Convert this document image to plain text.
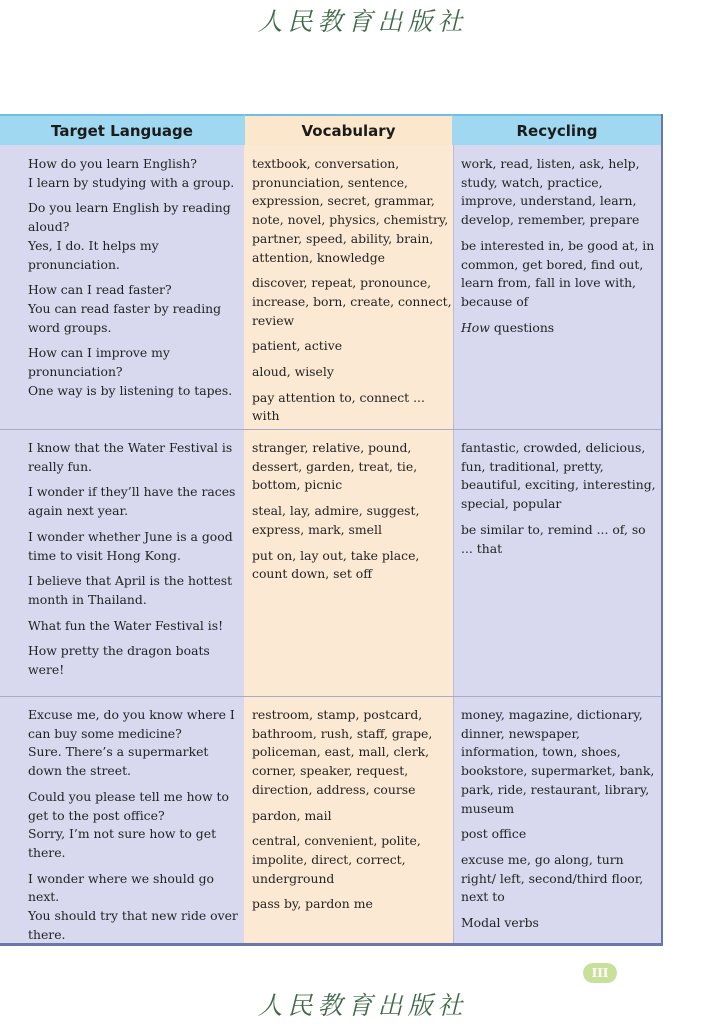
人民教育出版社
Target Language	Vocabulary	Recycling

How do you learn English?
I learn by studying with a group.

Do you learn English by reading aloud?
Yes, I do. It helps my pronunciation.

How can I read faster?
You can read faster by reading word groups.

How can I improve my pronunciation?
One way is by listening to tapes.

textbook, conversation, pronunciation, sentence, expression, secret, grammar, note, novel, physics, chemistry, partner, speed, ability, brain, attention, knowledge

discover, repeat, pronounce, increase, born, create, connect, review

patient, active

aloud, wisely

pay attention to, connect ... with

work, read, listen, ask, help, study, watch, practice, improve, understand, learn, develop, remember, prepare

be interested in, be good at, in common, get bored, find out, learn from, fall in love with, because of

How questions

I know that the Water Festival is really fun.

I wonder if they’ll have the races again next year.

I wonder whether June is a good time to visit Hong Kong.

I believe that April is the hottest month in Thailand.

What fun the Water Festival is!

How pretty the dragon boats were!

stranger, relative, pound, dessert, garden, treat, tie, bottom, picnic

steal, lay, admire, suggest, express, mark, smell

put on, lay out, take place, count down, set off

fantastic, crowded, delicious, fun, traditional, pretty, beautiful, exciting, interesting, special, popular

be similar to, remind ... of, so ... that

Excuse me, do you know where I can buy some medicine?
Sure. There’s a supermarket down the street.

Could you please tell me how to get to the post office?
Sorry, I’m not sure how to get there.

I wonder where we should go next.
You should try that new ride over there.

restroom, stamp, postcard, bathroom, rush, staff, grape, policeman, east, mall, clerk, corner, speaker, request, direction, address, course

pardon, mail

central, convenient, polite, impolite, direct, correct, underground

pass by, pardon me

money, magazine, dictionary, dinner, newspaper, information, town, shoes, bookstore, supermarket, bank, park, ride, restaurant, library, museum

post office

excuse me, go along, turn right/ left, second/third floor, next to

Modal verbs

III
人民教育出版社
